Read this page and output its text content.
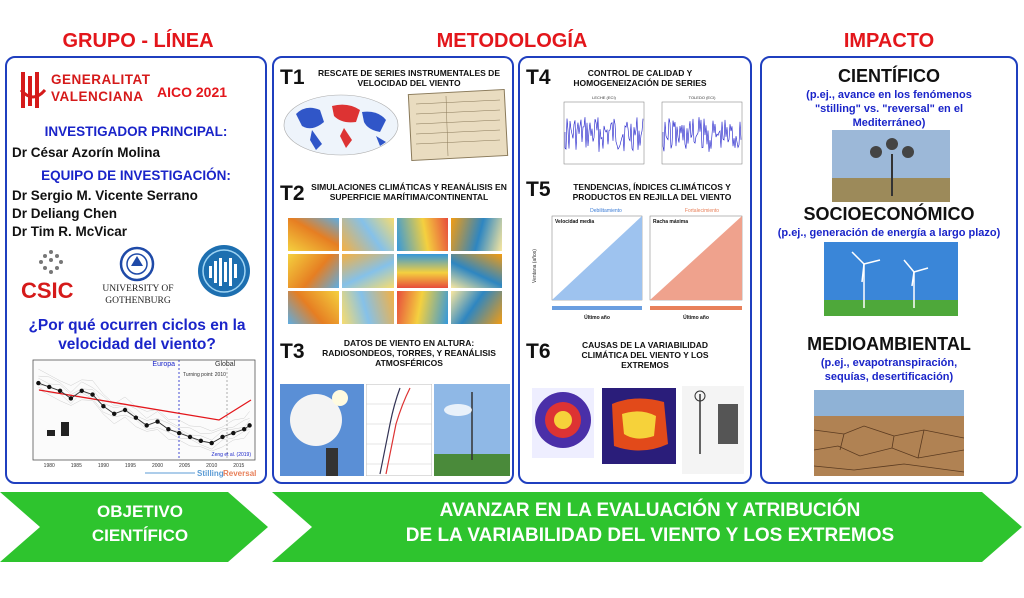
GRUPO - LÍNEA	METODOLOGÍA	IMPACTO
GENERALITAT
VALENCIANA AICO 2021
INVESTIGADOR PRINCIPAL:
Dr César Azorín Molina
EQUIPO DE INVESTIGACIÓN:
Dr Sergio M. Vicente Serrano
Dr Deliang Chen
Dr Tim R. McVicar
CSIC	UNIVERSITY OF
GOTHENBURG
¿Por qué ocurren ciclos en la velocidad del viento?
1980	1985	1990	1995	2000	2005	2010	2015
Europa	Global
Turning point: 2010
Zeng et al. (2019)
Stilling Reversal
T1	RESCATE DE SERIES INSTRUMENTALES DE VELOCIDAD DEL VIENTO
T2 SIMULACIONES CLIMÁTICAS Y REANÁLISIS EN SUPERFICIE MARÍTIMA/CONTINENTAL
T3	DATOS DE VIENTO EN ALTURA: RADIOSONDEOS, TORRES, Y REANÁLISIS ATMOSFÉRICOS
T4	CONTROL DE CALIDAD Y HOMOGENEIZACIÓN DE SERIES
LECHE (ECI)	TOLEDO (ECI)
T5	TENDENCIAS, ÍNDICES CLIMÁTICOS Y PRODUCTOS EN REJILLA DEL VIENTO
Ventana (años)
Debilitamiento	Fortalecimiento
Velocidad media	Racha máxima
Último año	Último año
T6	CAUSAS DE LA VARIABILIDAD CLIMÁTICA DEL VIENTO Y LOS EXTREMOS
CIENTÍFICO
(p.ej., avance en los fenómenos "stilling" vs. "reversal" en el Mediterráneo)
SOCIOECONÓMICO
(p.ej., generación de energía a largo plazo)
MEDIOAMBIENTAL
(p.ej., evapotranspiración, sequías, desertificación)
OBJETIVO
CIENTÍFICO
AVANZAR EN LA EVALUACIÓN Y ATRIBUCIÓN
DE LA VARIABILIDAD DEL VIENTO Y LOS EXTREMOS
